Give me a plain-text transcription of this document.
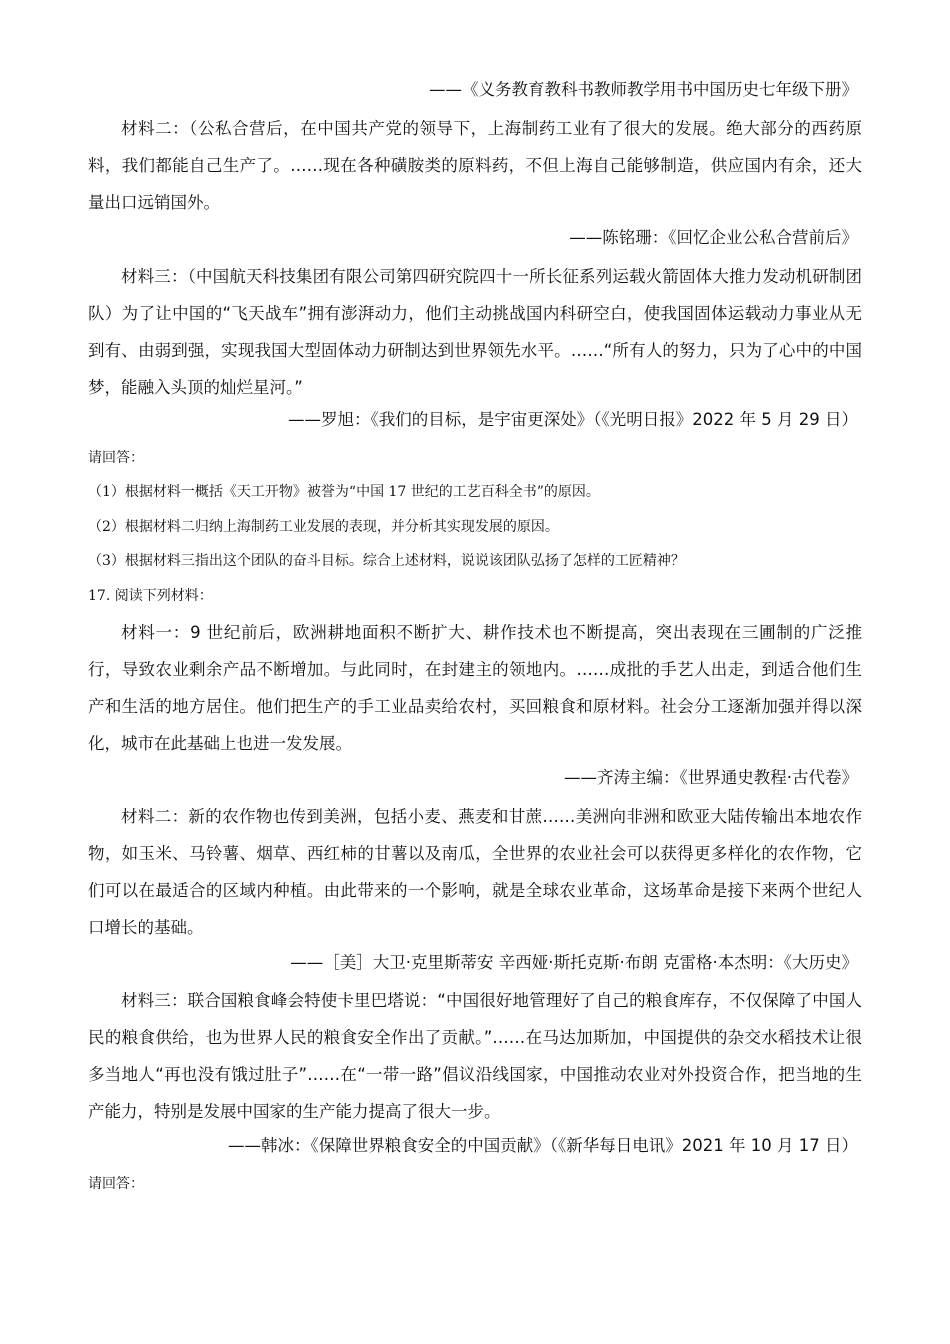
——《义务教育教科书教师教学用书中国历史七年级下册》
材料二：（公私合营后，在中国共产党的领导下，上海制药工业有了很大的发展。绝大部分的西药原料，我们都能自己生产了。……现在各种磺胺类的原料药，不但上海自己能够制造，供应国内有余，还大量出口远销国外。
——陈铭珊：《回忆企业公私合营前后》
材料三：（中国航天科技集团有限公司第四研究院四十一所长征系列运载火箭固体大推力发动机研制团队）为了让中国的“飞天战车”拥有澎湃动力，他们主动挑战国内科研空白，使我国固体运载动力事业从无到有、由弱到强，实现我国大型固体动力研制达到世界领先水平。……“所有人的努力，只为了心中的中国梦，能融入头顶的灿烂星河。”
——罗旭：《我们的目标，是宇宙更深处》（《光明日报》2022 年 5 月 29 日）
请回答：
（1）根据材料一概括《天工开物》被誉为“中国 17 世纪的工艺百科全书”的原因。
（2）根据材料二归纳上海制药工业发展的表现，并分析其实现发展的原因。
（3）根据材料三指出这个团队的奋斗目标。综合上述材料，说说该团队弘扬了怎样的工匠精神？
17. 阅读下列材料：
材料一：9 世纪前后，欧洲耕地面积不断扩大、耕作技术也不断提高，突出表现在三圃制的广泛推行，导致农业剩余产品不断增加。与此同时，在封建主的领地内。……成批的手艺人出走，到适合他们生产和生活的地方居住。他们把生产的手工业品卖给农村，买回粮食和原材料。社会分工逐渐加强并得以深化，城市在此基础上也进一发发展。
——齐涛主编：《世界通史教程·古代卷》
材料二：新的农作物也传到美洲，包括小麦、燕麦和甘蔗……美洲向非洲和欧亚大陆传输出本地农作物，如玉米、马铃薯、烟草、西红柿的甘薯以及南瓜，全世界的农业社会可以获得更多样化的农作物，它们可以在最适合的区域内种植。由此带来的一个影响，就是全球农业革命，这场革命是接下来两个世纪人口增长的基础。
——［美］大卫·克里斯蒂安 辛西娅·斯托克斯·布朗 克雷格·本杰明：《大历史》
材料三：联合国粮食峰会特使卡里巴塔说：“中国很好地管理好了自己的粮食库存，不仅保障了中国人民的粮食供给，也为世界人民的粮食安全作出了贡献。”……在马达加斯加，中国提供的杂交水稻技术让很多当地人“再也没有饿过肚子”……在“一带一路”倡议沿线国家，中国推动农业对外投资合作，把当地的生产能力，特别是发展中国家的生产能力提高了很大一步。
——韩冰：《保障世界粮食安全的中国贡献》（《新华每日电讯》2021 年 10 月 17 日）
请回答：
